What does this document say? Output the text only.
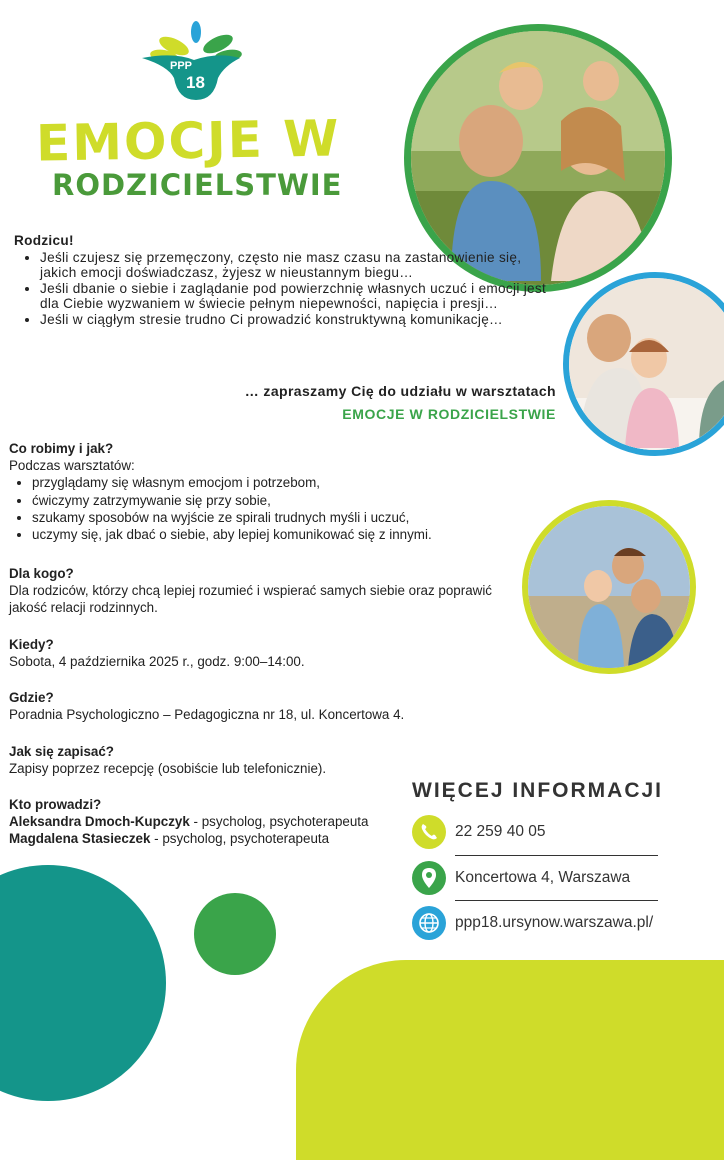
PPP
18
EMOCJE W
RODZICIELSTWIE
Rodzicu!
• Jeśli czujesz się przemęczony, często nie masz czasu na zastanowienie się, jakich emocji doświadczasz, żyjesz w nieustannym biegu…
• Jeśli dbanie o siebie i zaglądanie pod powierzchnię własnych uczuć i emocji jest dla Ciebie wyzwaniem w świecie pełnym niepewności, napięcia i presji…
• Jeśli w ciągłym stresie trudno Ci prowadzić konstruktywną komunikację…
… zapraszamy Cię do udziału w warsztatach
EMOCJE W RODZICIELSTWIE
Co robimy i jak?
Podczas warsztatów:
• przyglądamy się własnym emocjom i potrzebom,
• ćwiczymy zatrzymywanie się przy sobie,
• szukamy sposobów na wyjście ze spirali trudnych myśli i uczuć,
• uczymy się, jak dbać o siebie, aby lepiej komunikować się z innymi.
Dla kogo?
Dla rodziców, którzy chcą lepiej rozumieć i wspierać samych siebie oraz poprawić jakość relacji rodzinnych.
Kiedy?
Sobota, 4 października 2025 r., godz. 9:00–14:00.
Gdzie?
Poradnia Psychologiczno – Pedagogiczna nr 18, ul. Koncertowa 4.
Jak się zapisać?
Zapisy poprzez recepcję (osobiście lub telefonicznie).
Kto prowadzi?
Aleksandra Dmoch-Kupczyk - psycholog, psychoterapeuta
Magdalena Stasieczek - psycholog, psychoterapeuta
WIĘCEJ INFORMACJI
22 259 40 05
Koncertowa 4, Warszawa
ppp18.ursynow.warszawa.pl/
